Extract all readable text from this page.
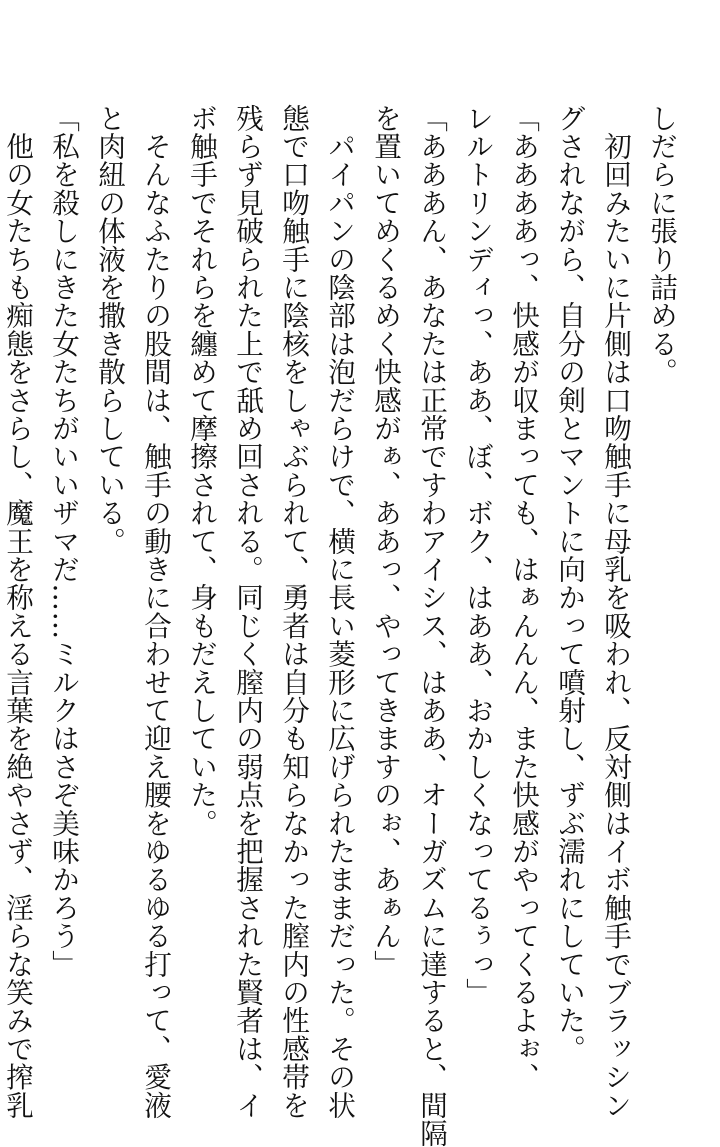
しだらに張り詰める。
　初回みたいに片側は口吻触手に母乳を吸われ、反対側はイボ触手でブラッシン
グされながら、自分の剣とマントに向かって噴射し、ずぶ濡れにしていた。
「ああああっ、快感が収まっても、はぁんんん、また快感がやってくるよぉ、
レルトリンディっ、ああ、ぼ、ボク、はああ、おかしくなってるぅっ」
「あああん、あなたは正常ですわアイシス、はああ、オーガズムに達すると、間隔
を置いてめくるめく快感がぁ、ああっ、やってきますのぉ、あぁん」
　パイパンの陰部は泡だらけで、横に長い菱形に広げられたままだった。その状
態で口吻触手に陰核をしゃぶられて、勇者は自分も知らなかった膣内の性感帯を
残らず見破られた上で舐め回される。同じく膣内の弱点を把握された賢者は、イ
ボ触手でそれらを纏めて摩擦されて、身もだえしていた。
　そんなふたりの股間は、触手の動きに合わせて迎え腰をゆるゆる打って、愛液
と肉紐の体液を撒き散らしている。
「私を殺しにきた女たちがいいザマだ……ミルクはさぞ美味かろう」
　他の女たちも痴態をさらし、魔王を称える言葉を絶やさず、淫らな笑みで搾乳
